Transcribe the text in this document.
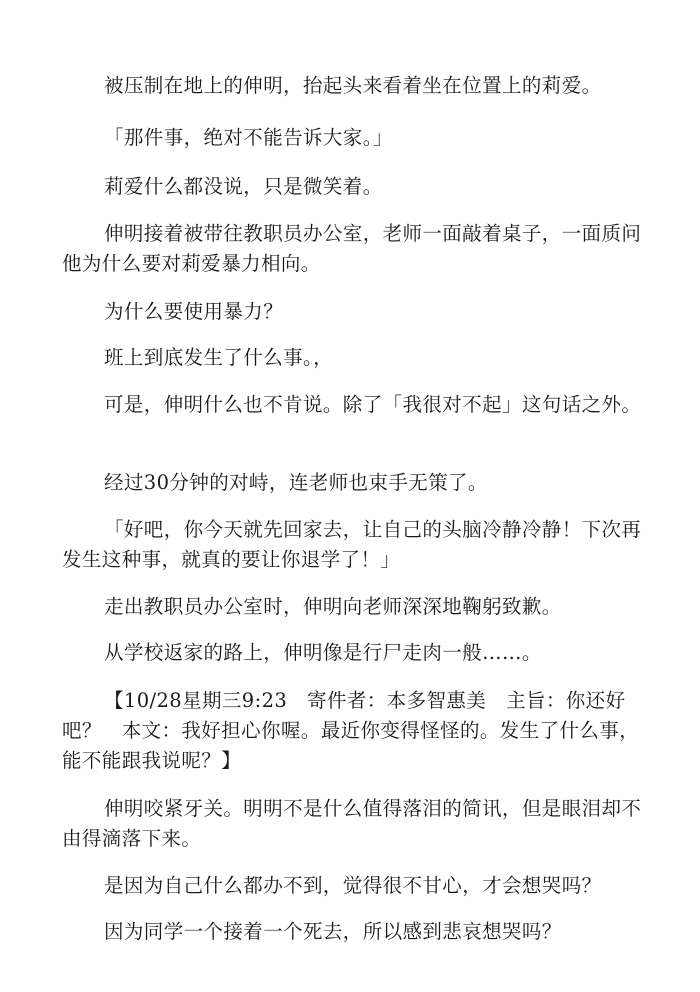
被压制在地上的伸明，抬起头来看着坐在位置上的莉爱。

「那件事，绝对不能告诉大家。」

莉爱什么都没说，只是微笑着。

伸明接着被带往教职员办公室，老师一面敲着桌子，一面质问他为什么要对莉爱暴力相向。

为什么要使用暴力？

班上到底发生了什么事。，

可是，伸明什么也不肯说。除了「我很对不起」这句话之外。

经过30分钟的对峙，连老师也束手无策了。

「好吧，你今天就先回家去，让自己的头脑冷静冷静！下次再发生这种事，就真的要让你退学了！」

走出教职员办公室时，伸明向老师深深地鞠躬致歉。

从学校返家的路上，伸明像是行尸走肉一般……。

【10/28星期三9:23　寄件者：本多智惠美　主旨：你还好吧？　本文：我好担心你喔。最近你变得怪怪的。发生了什么事，能不能跟我说呢？】

伸明咬紧牙关。明明不是什么值得落泪的简讯，但是眼泪却不由得滴落下来。

是因为自己什么都办不到，觉得很不甘心，才会想哭吗？

因为同学一个接着一个死去，所以感到悲哀想哭吗？
